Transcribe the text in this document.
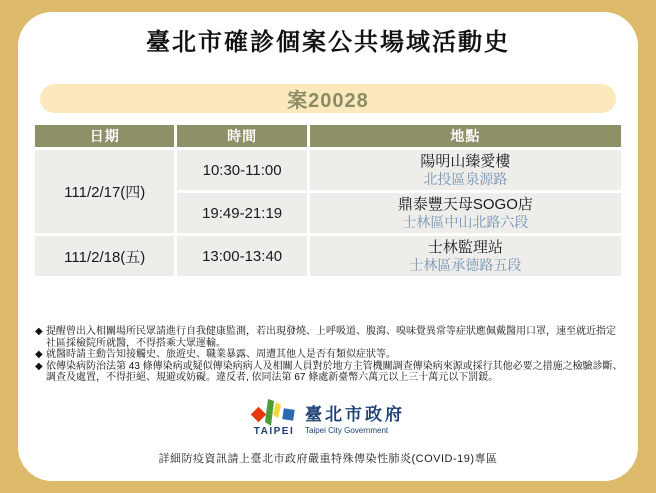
臺北市確診個案公共場域活動史
案20028
日期	時間	地點
111/2/17(四)	10:30-11:00	陽明山臻愛樓
北投區泉源路

	19:49-21:19	鼎泰豐天母SOGO店
士林區中山北路六段

111/2/18(五)	13:00-13:40	士林監理站
士林區承德路五段
◆ 提醒曾出入相關場所民眾請進行自我健康監測，若出現發燒、上呼吸道、腹瀉、嗅味覺異常等症狀應佩戴醫用口罩，速至就近指定社區採檢院所就醫，不得搭乘大眾運輸。
◆ 就醫時請主動告知接觸史、旅遊史、職業暴露、周遭其他人是否有類似症狀等。
◆ 依傳染病防治法第 43 條傳染病或疑似傳染病病人及相關人員對於地方主管機關調查傳染病來源或採行其他必要之措施之檢驗診斷、調查及處置，不得拒絕、規避或妨礙。違反者, 依同法第 67 條處新臺幣六萬元以上三十萬元以下罰鍰。
TAIPEI
臺北市政府
Taipei City Government
詳細防疫資訊請上臺北市政府嚴重特殊傳染性肺炎(COVID-19)專區
